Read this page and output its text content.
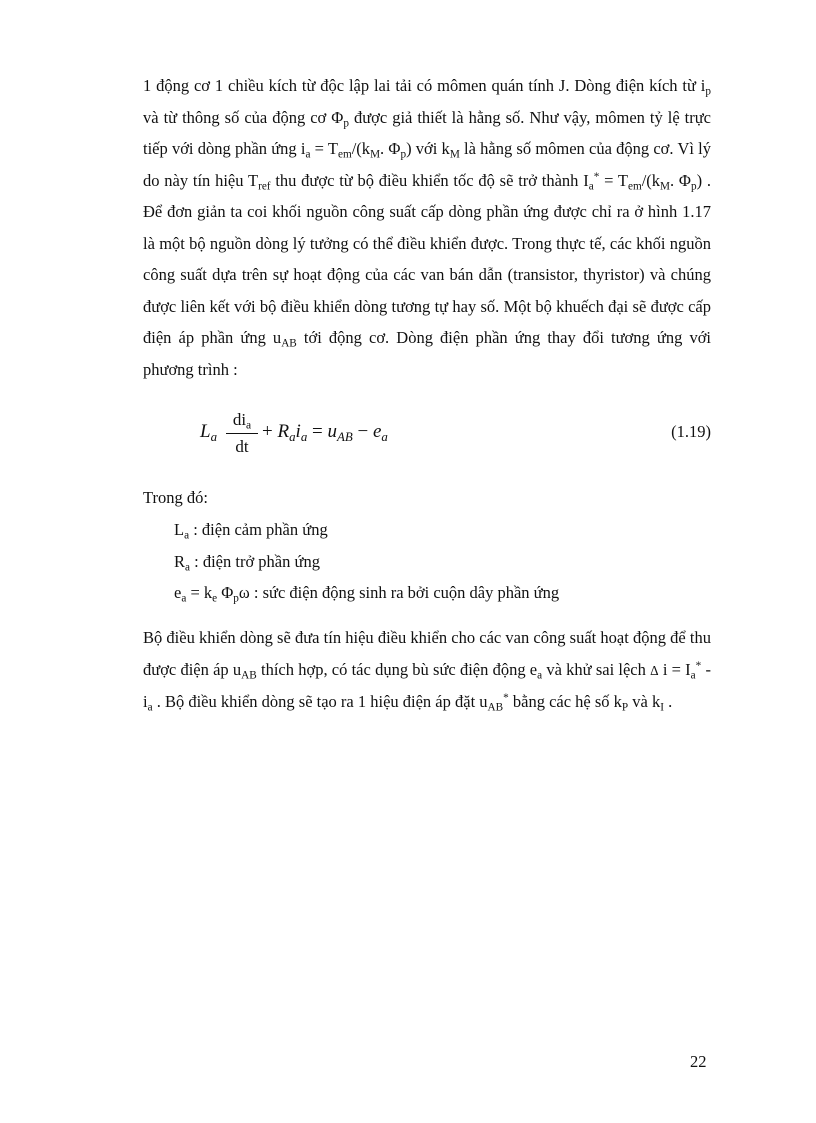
1 động cơ 1 chiều kích từ độc lập lai tải có mômen quán tính J. Dòng điện kích từ $i_p$ và từ thông số của động cơ $\Phi_p$ được giả thiết là hằng số. Như vậy, mômen tỷ lệ trực tiếp với dòng phần ứng $i_a = T_{em}/(k_M$. $\Phi_p$) với $k_M$ là hằng số mômen của động cơ. Vì lý do này tín hiệu $T_{ref}$ thu được từ bộ điều khiển tốc độ sẽ trở thành $I_a^* = T_{em}/(k_M$. $\Phi_p$) . Để đơn giản ta coi khối nguồn công suất cấp dòng phần ứng được chỉ ra ở hình 1.17 là một bộ nguồn dòng lý tưởng có thể điều khiển được. Trong thực tế, các khối nguồn công suất dựa trên sự hoạt động của các van bán dẫn (transistor, thyristor) và chúng được liên kết với bộ điều khiển dòng tương tự hay số. Một bộ khuếch đại sẽ được cấp điện áp phần ứng $u_{AB}$ tới động cơ. Dòng điện phần ứng thay đổi tương ứng với phương trình :

$L_a$
$di_a$
dt
+ $R_ai_a = u_{AB} - e_a$	(1.19)

Trong đó:

$L_a$ : điện cảm phần ứng
$R_a$ : điện trở phần ứng
$e_a = k_e$ $\Phi_p\omega$ : sức điện động sinh ra bởi cuộn dây phần ứng

Bộ điều khiển dòng sẽ đưa tín hiệu điều khiển cho các van công suất hoạt động để thu được điện áp $u_{AB}$ thích hợp, có tác dụng bù sức điện động $e_a$ và khử sai lệch Δ $i = I_a^* - i_a$ . Bộ điều khiển dòng sẽ tạo ra 1 hiệu điện áp đặt $u_{AB}^*$ bằng các hệ số $k_P$ và $k_I$ .

22
